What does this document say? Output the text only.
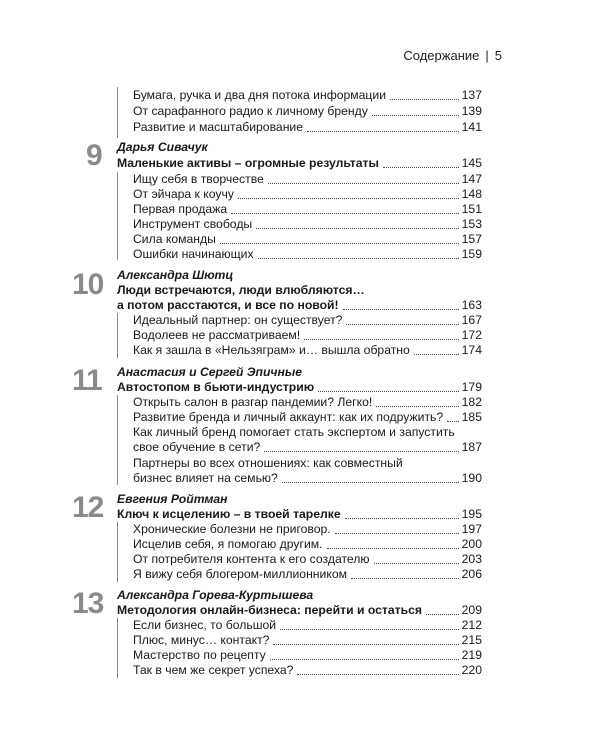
Содержание | 5
Бумага, ручка и два дня потока информации	137
От сарафанного радио к личному бренду	139
Развитие и масштабирование	141
9 Дарья Сивачук
Маленькие активы – огромные результаты	145
Ищу себя в творчестве	147
От эйчара к коучу	148
Первая продажа	151
Инструмент свободы	153
Сила команды	157
Ошибки начинающих	159
10 Александра Шютц
Люди встречаются, люди влюбляются…
а потом расстаются, и все по новой!	163
Идеальный партнер: он существует?	167
Водолеев не рассматриваем!	172
Как я зашла в «Нельзяграм» и… вышла обратно	174
11 Анастасия и Сергей Эпичные
Автостопом в бьюти-индустрию	179
Открыть салон в разгар пандемии? Легко!	182
Развитие бренда и личный аккаунт: как их подружить? 185
Как личный бренд помогает стать экспертом и запустить
свое обучение в сети?	187
Партнеры во всех отношениях: как совместный
бизнес влияет на семью?	190
12 Евгения Ройтман
Ключ к исцелению – в твоей тарелке	195
Хронические болезни не приговор.	197
Исцелив себя, я помогаю другим.	200
От потребителя контента к его создателю	203
Я вижу себя блогером-миллионником	206
13 Александра Горева-Куртышева
Методология онлайн-бизнеса: перейти и остаться	209
Если бизнес, то большой	212
Плюс, минус… контакт?	215
Мастерство по рецепту	219
Так в чем же секрет успеха?	220
